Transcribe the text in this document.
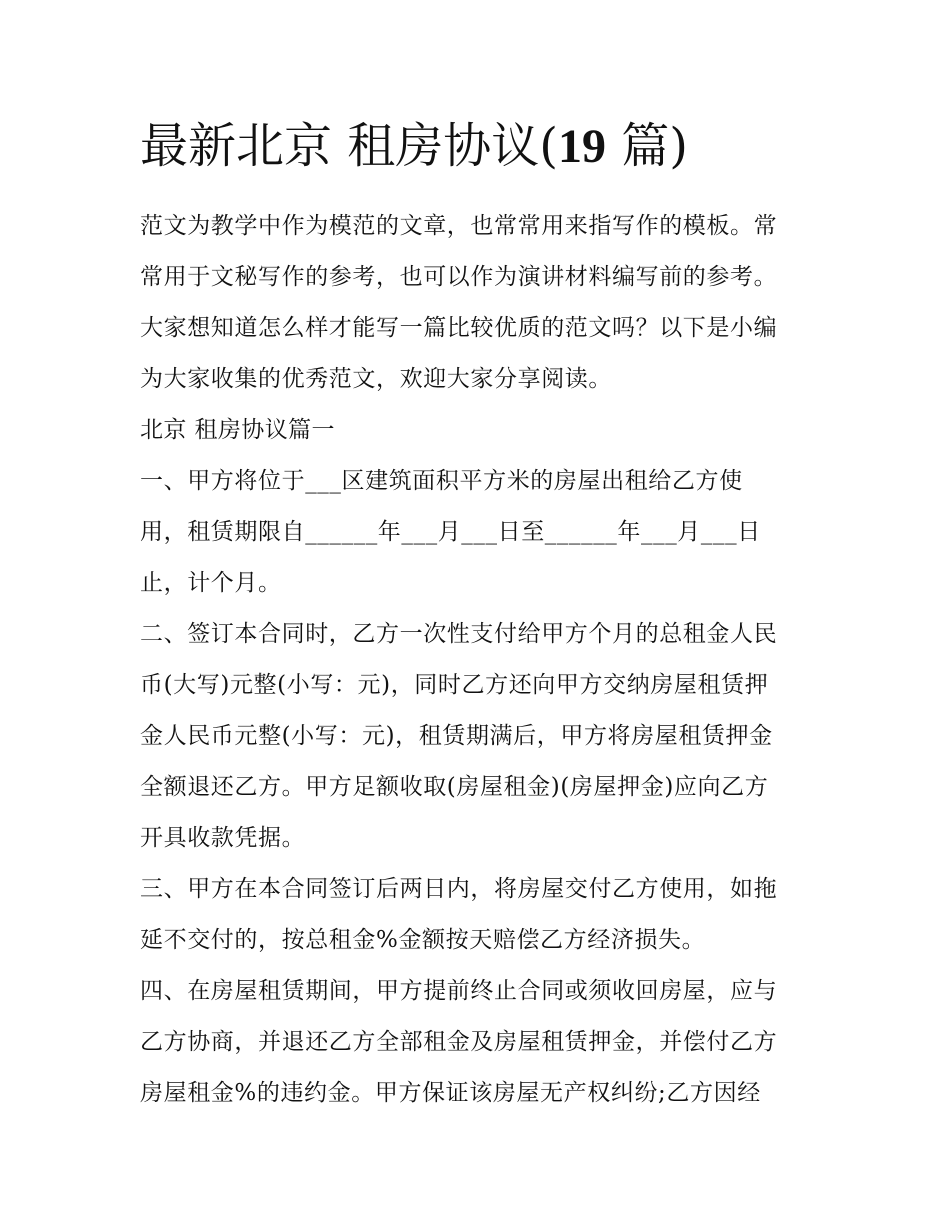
最新北京 租房协议(19 篇)
范文为教学中作为模范的文章，也常常用来指写作的模板。常
常用于文秘写作的参考，也可以作为演讲材料编写前的参考。
大家想知道怎么样才能写一篇比较优质的范文吗？以下是小编
为大家收集的优秀范文，欢迎大家分享阅读。
北京 租房协议篇一
一、甲方将位于___区建筑面积平方米的房屋出租给乙方使
用，租赁期限自______年___月___日至______年___月___日
止，计个月。
二、签订本合同时，乙方一次性支付给甲方个月的总租金人民
币(大写)元整(小写：元)，同时乙方还向甲方交纳房屋租赁押
金人民币元整(小写：元)，租赁期满后，甲方将房屋租赁押金
全额退还乙方。甲方足额收取(房屋租金)(房屋押金)应向乙方
开具收款凭据。
三、甲方在本合同签订后两日内，将房屋交付乙方使用，如拖
延不交付的，按总租金%金额按天赔偿乙方经济损失。
四、在房屋租赁期间，甲方提前终止合同或须收回房屋，应与
乙方协商，并退还乙方全部租金及房屋租赁押金，并偿付乙方
房屋租金%的违约金。甲方保证该房屋无产权纠纷;乙方因经
